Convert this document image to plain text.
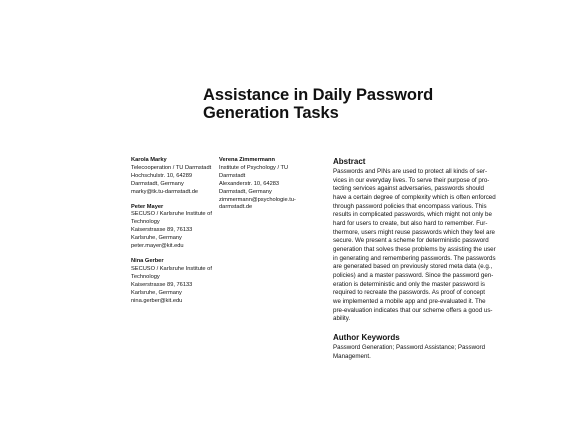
Assistance in Daily Password
Generation Tasks
Karola Marky
Telecooperation / TU Darmstadt
Hochschulstr. 10, 64289
Darmstadt, Germany
marky@tk.tu-darmstadt.de
Peter Mayer
SECUSO / Karlsruhe Institute of
Technology
Kaiserstrasse 89, 76133
Karlsruhe, Germany
peter.mayer@kit.edu
Nina Gerber
SECUSO / Karlsruhe Institute of
Technology
Kaiserstrasse 89, 76133
Karlsruhe, Germany
nina.gerber@kit.edu
Verena Zimmermann
Institute of Psychology / TU
Darmstadt
Alexanderstr. 10, 64283
Darmstadt, Germany
zimmermann@psychologie.tu-
darmstadt.de
Abstract
Passwords and PINs are used to protect all kinds of ser-
vices in our everyday lives. To serve their purpose of pro-
tecting services against adversaries, passwords should
have a certain degree of complexity which is often enforced
through password policies that encompass various. This
results in complicated passwords, which might not only be
hard for users to create, but also hard to remember. Fur-
thermore, users might reuse passwords which they feel are
secure. We present a scheme for deterministic password
generation that solves these problems by assisting the user
in generating and remembering passwords. The passwords
are generated based on previously stored meta data (e.g.,
policies) and a master password. Since the password gen-
eration is deterministic and only the master password is
required to recreate the passwords. As proof of concept
we implemented a mobile app and pre-evaluated it. The
pre-evaluation indicates that our scheme offers a good us-
ability.
Author Keywords
Password Generation; Password Assistance; Password
Management.
